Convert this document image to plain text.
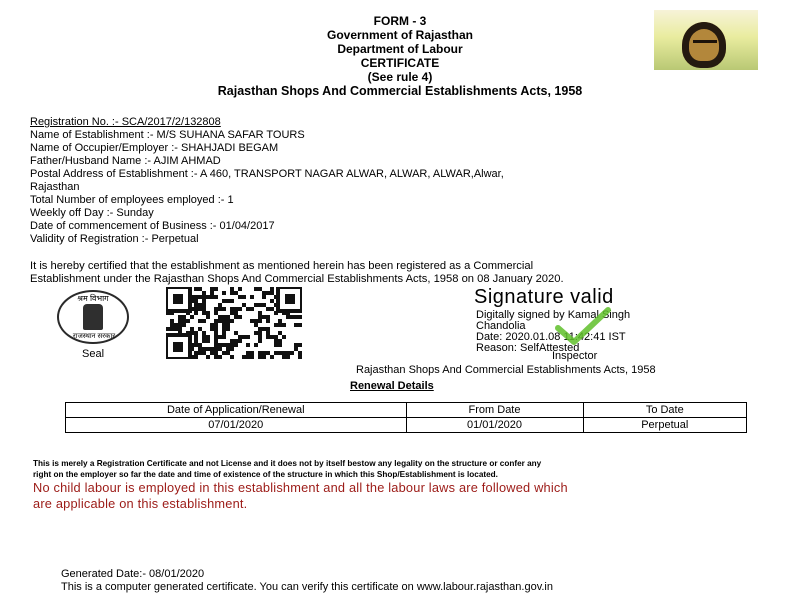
FORM - 3
Government of Rajasthan
Department of Labour
CERTIFICATE
(See rule 4)
Rajasthan Shops And Commercial Establishments Acts, 1958
Registration No. :- SCA/2017/2/132808
Name of Establishment :- M/S SUHANA SAFAR TOURS
Name of Occupier/Employer :- SHAHJADI BEGAM
Father/Husband Name :- AJIM AHMAD
Postal Address of Establishment :- A 460, TRANSPORT NAGAR ALWAR, ALWAR, ALWAR,Alwar,
Rajasthan
Total Number of employees employed :- 1
Weekly off Day :- Sunday
Date of commencement of Business :- 01/04/2017
Validity of Registration :- Perpetual
It is hereby certified that the establishment as mentioned herein has been registered as a Commercial
Establishment under the Rajasthan Shops And Commercial Establishments Acts, 1958 on 08 January 2020.
श्रम विभाग
राजस्थान सरकार
Seal
Signature valid
Digitally signed by Kamal Singh
Chandolia
Date: 2020.01.08 11:42:41 IST
Reason: SelfAttested
Inspector
Rajasthan Shops And Commercial Establishments Acts, 1958
Renewal Details
Date of Application/Renewal	From Date	To Date
07/01/2020	01/01/2020	Perpetual
This is merely a Registration Certificate and not License and it does not by itself bestow any legality on the structure or confer any
right on the employer so far the date and time of existence of the structure in which this Shop/Establishment is located.
No child labour is employed in this establishment and all the labour laws are followed which
are applicable on this establishment.
Generated Date:- 08/01/2020
This is a computer generated certificate. You can verify this certificate on www.labour.rajasthan.gov.in
